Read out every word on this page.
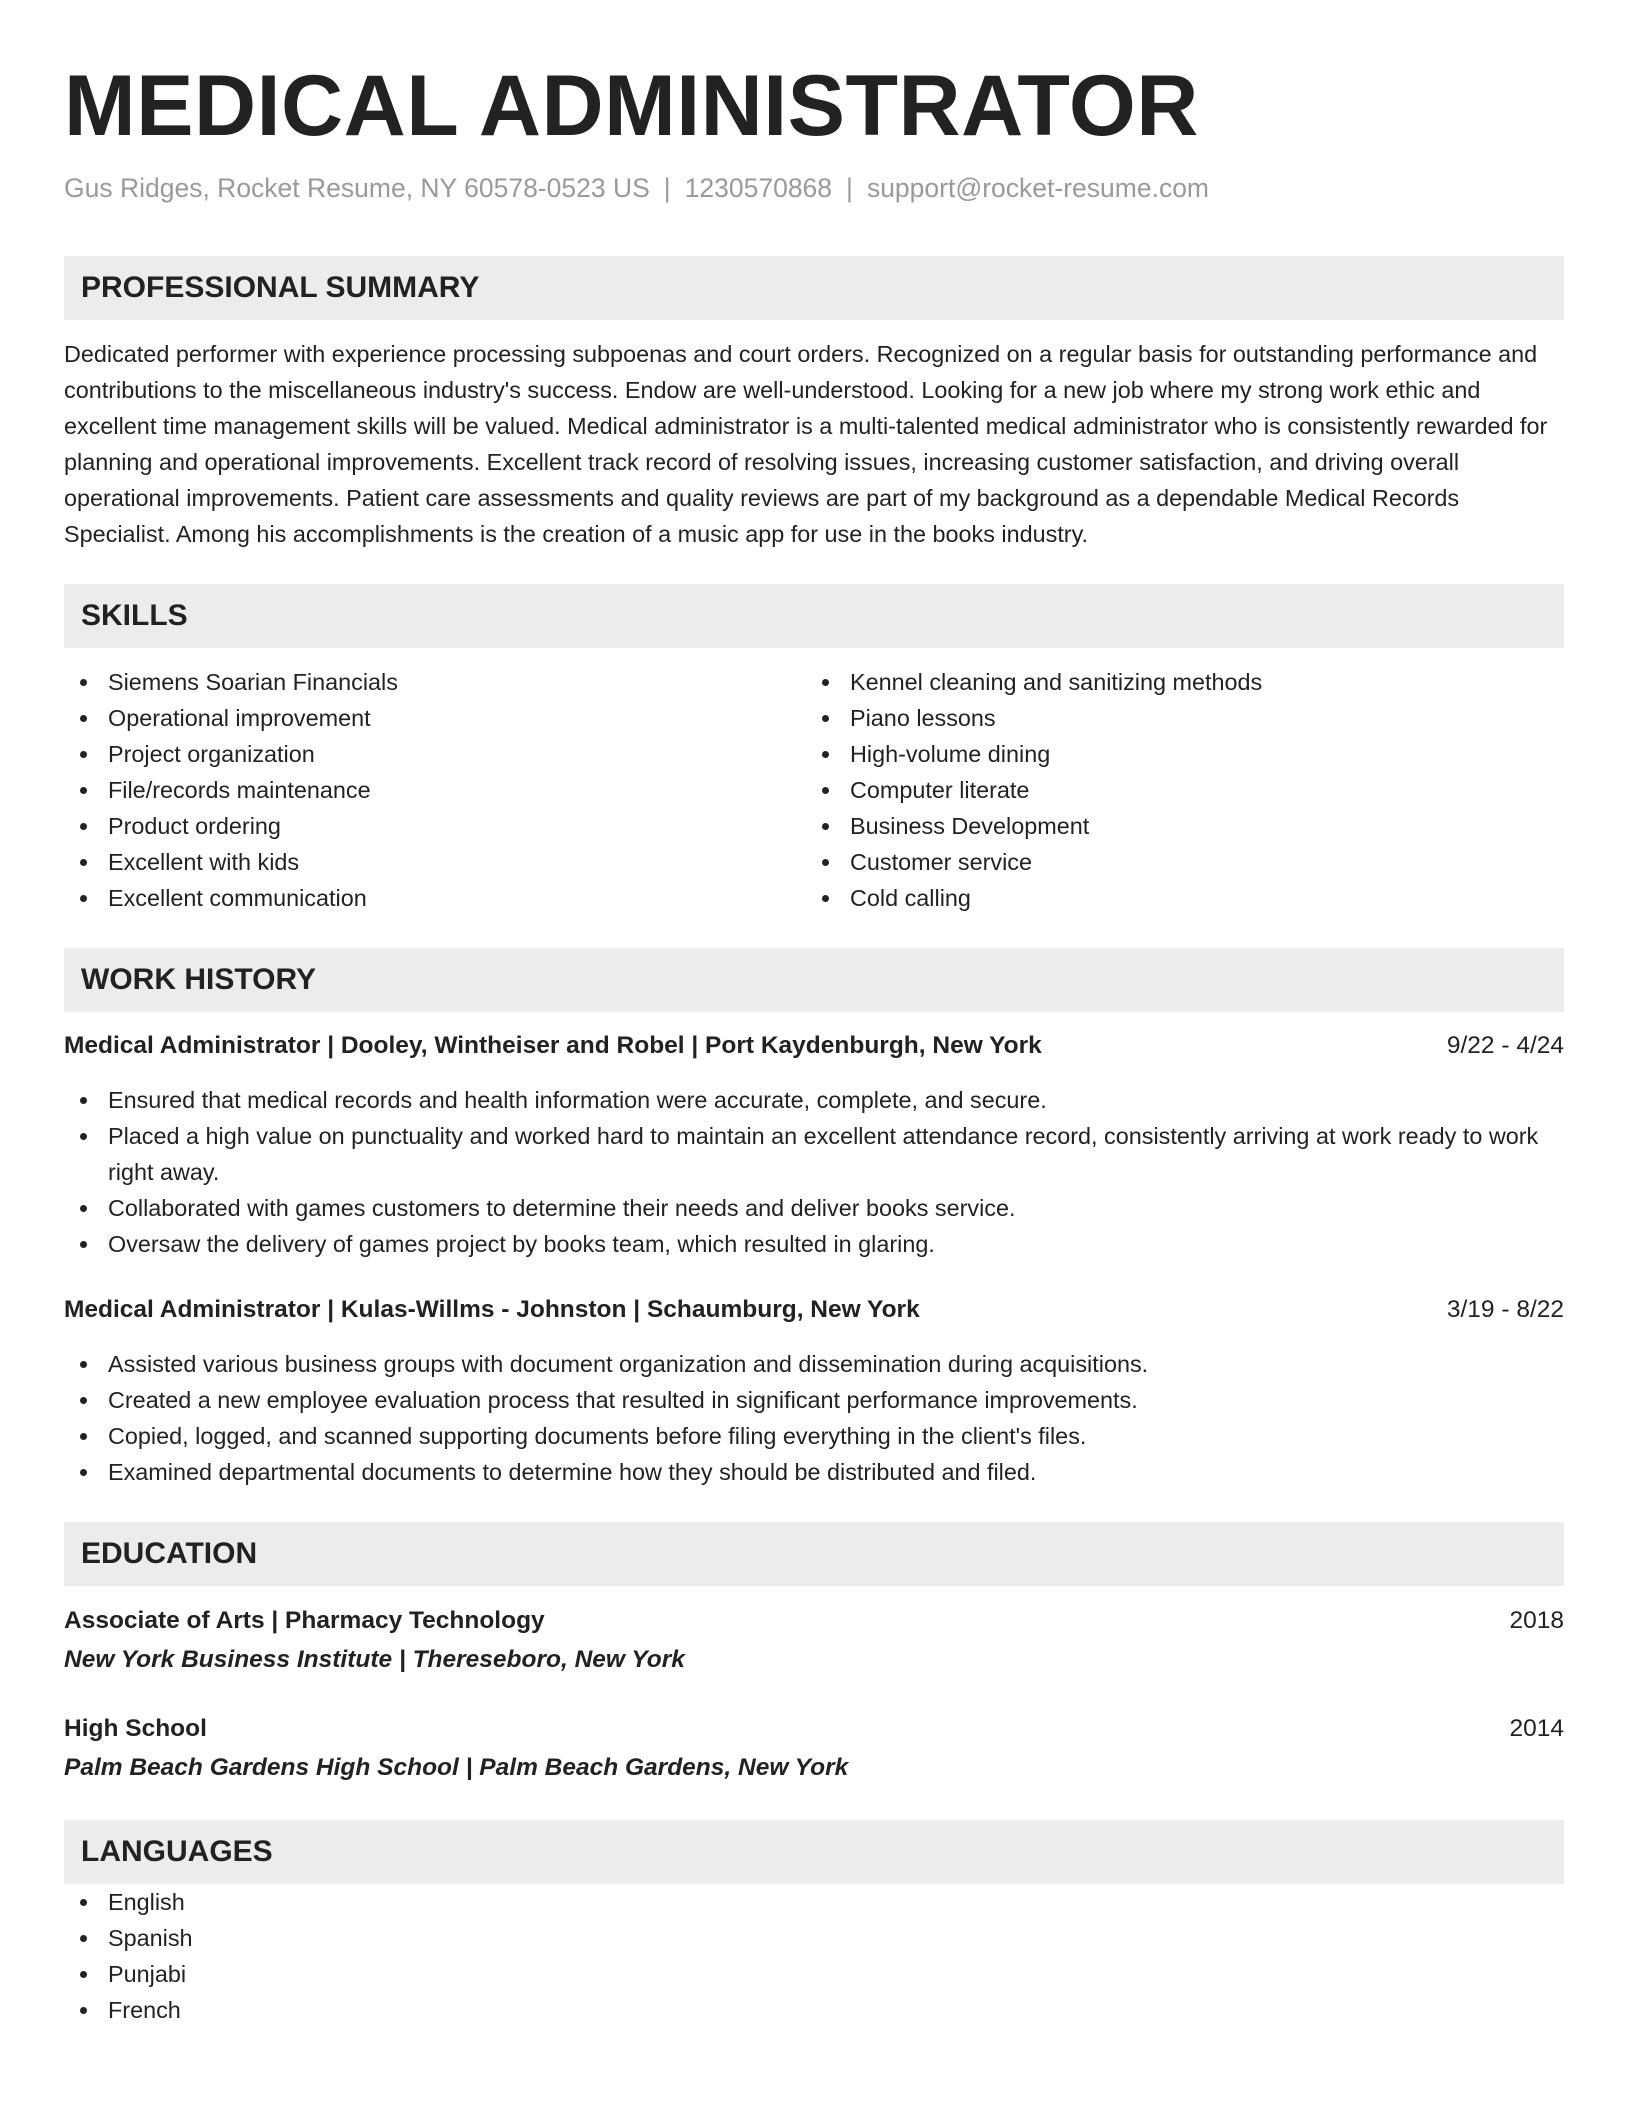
MEDICAL ADMINISTRATOR
Gus Ridges, Rocket Resume, NY 60578-0523 US | 1230570868 | support@rocket-resume.com
PROFESSIONAL SUMMARY

Dedicated performer with experience processing subpoenas and court orders. Recognized on a regular basis for outstanding performance and contributions to the miscellaneous industry's success. Endow are well-understood. Looking for a new job where my strong work ethic and excellent time management skills will be valued. Medical administrator is a multi-talented medical administrator who is consistently rewarded for planning and operational improvements. Excellent track record of resolving issues, increasing customer satisfaction, and driving overall operational improvements. Patient care assessments and quality reviews are part of my background as a dependable Medical Records Specialist. Among his accomplishments is the creation of a music app for use in the books industry.

SKILLS
Siemens Soarian Financials
Operational improvement
Project organization
File/records maintenance
Product ordering
Excellent with kids
Excellent communication
Kennel cleaning and sanitizing methods
Piano lessons
High-volume dining
Computer literate
Business Development
Customer service
Cold calling
WORK HISTORY
Medical Administrator | Dooley, Wintheiser and Robel | Port Kaydenburgh, New York	9/22 - 4/24
Ensured that medical records and health information were accurate, complete, and secure.
Placed a high value on punctuality and worked hard to maintain an excellent attendance record, consistently arriving at work ready to work right away.
Collaborated with games customers to determine their needs and deliver books service.
Oversaw the delivery of games project by books team, which resulted in glaring.
Medical Administrator | Kulas-Willms - Johnston | Schaumburg, New York	3/19 - 8/22
Assisted various business groups with document organization and dissemination during acquisitions.
Created a new employee evaluation process that resulted in significant performance improvements.
Copied, logged, and scanned supporting documents before filing everything in the client's files.
Examined departmental documents to determine how they should be distributed and filed.
EDUCATION
Associate of Arts | Pharmacy Technology	2018
New York Business Institute | Thereseboro, New York
High School	2014
Palm Beach Gardens High School | Palm Beach Gardens, New York
LANGUAGES
English
Spanish
Punjabi
French
